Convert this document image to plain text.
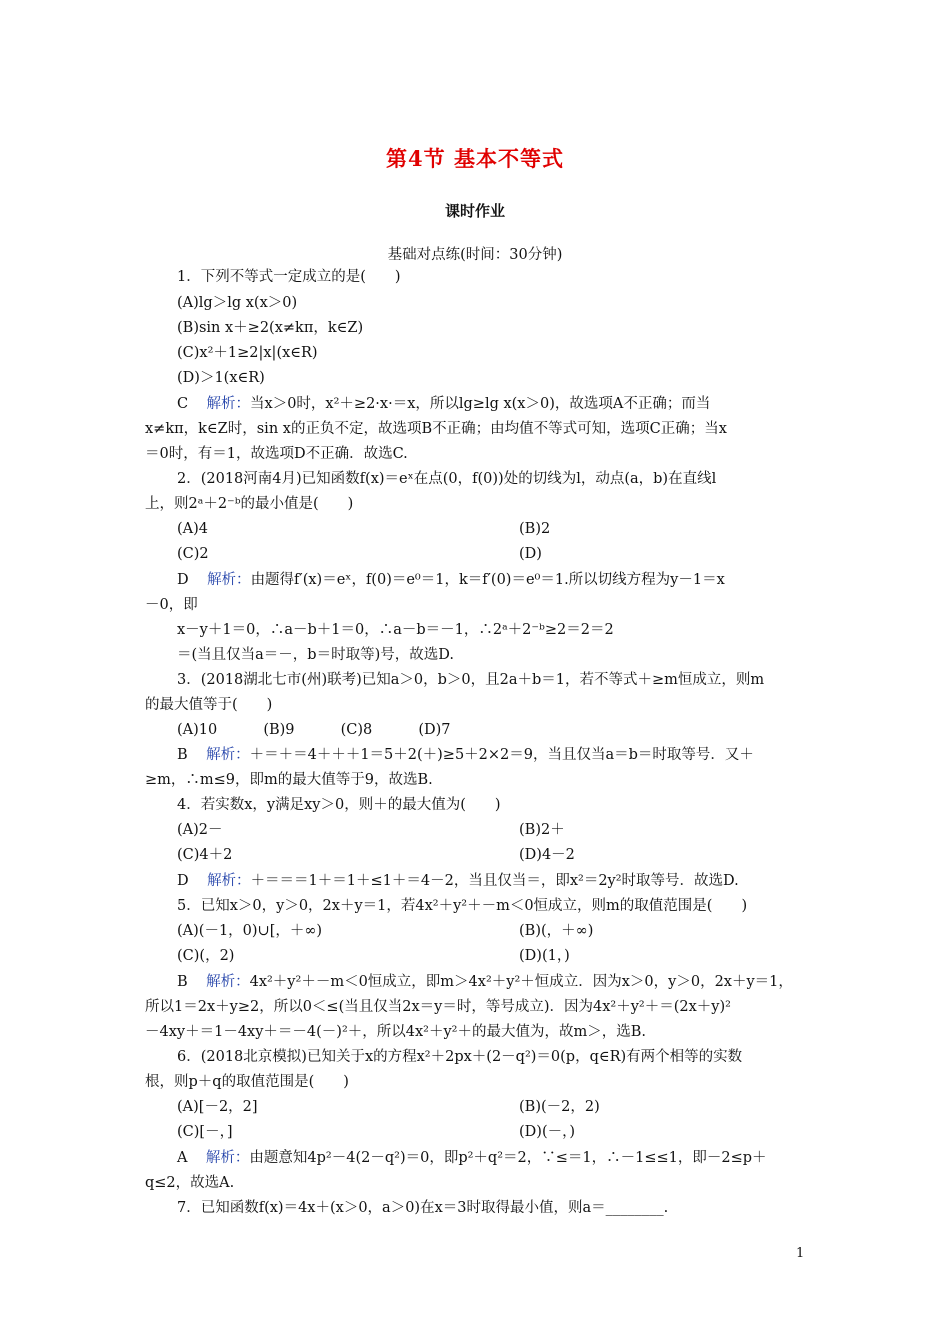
第4节 基本不等式
课时作业
基础对点练(时间：30分钟)
1．下列不等式一定成立的是(　　)
(A)lg＞lg x(x＞0)
(B)sin x＋≥2(x≠kπ，k∈Z)
(C)x²＋1≥2|x|(x∈R)
(D)＞1(x∈R)
C    解析：当x＞0时，x²＋≥2·x·＝x，所以lg≥lg x(x＞0)，故选项A不正确；而当
x≠kπ，k∈Z时，sin x的正负不定，故选项B不正确；由均值不等式可知，选项C正确；当x
＝0时，有＝1，故选项D不正确．故选C.
2．(2018河南4月)已知函数f(x)＝eˣ在点(0，f(0))处的切线为l，动点(a，b)在直线l
上，则2ᵃ＋2⁻ᵇ的最小值是(　　)
(A)4	(B)2
(C)2	(D)
D    解析：由题得f′(x)＝eˣ，f(0)＝e⁰＝1，k＝f′(0)＝e⁰＝1.所以切线方程为y－1＝x
－0，即
x－y＋1＝0，∴a－b＋1＝0，∴a－b＝－1，∴2ᵃ＋2⁻ᵇ≥2＝2＝2
＝(当且仅当a＝－，b＝时取等)号，故选D.
3．(2018湖北七市(州)联考)已知a＞0，b＞0，且2a＋b＝1，若不等式＋≥m恒成立，则m
的最大值等于(　　)
(A)10          (B)9          (C)8          (D)7
B    解析：＋＝＋＝4＋＋＋1＝5＋2(＋)≥5＋2×2＝9，当且仅当a＝b＝时取等号．又＋
≥m，∴m≤9，即m的最大值等于9，故选B.
4．若实数x，y满足xy＞0，则＋的最大值为(　　)
(A)2－	(B)2＋
(C)4＋2	(D)4－2
D    解析：＋＝＝＝1＋＝1＋≤1＋＝4－2，当且仅当＝，即x²＝2y²时取等号．故选D.
5．已知x＞0，y＞0，2x＋y＝1，若4x²＋y²＋－m＜0恒成立，则m的取值范围是(　　)
(A)(－1，0)∪[，＋∞)	(B)(，＋∞)
(C)(，2)	(D)(1，)
B    解析：4x²＋y²＋－m＜0恒成立，即m＞4x²＋y²＋恒成立．因为x＞0，y＞0，2x＋y＝1，
所以1＝2x＋y≥2，所以0＜≤(当且仅当2x＝y＝时，等号成立)．因为4x²＋y²＋＝(2x＋y)²
－4xy＋＝1－4xy＋＝－4(－)²＋，所以4x²＋y²＋的最大值为，故m＞，选B.
6．(2018北京模拟)已知关于x的方程x²＋2px＋(2－q²)＝0(p，q∈R)有两个相等的实数
根，则p＋q的取值范围是(　　)
(A)[－2，2]	(B)(－2，2)
(C)[－，]	(D)(－，)
A    解析：由题意知4p²－4(2－q²)＝0，即p²＋q²＝2，∵≤＝1，∴－1≤≤1，即－2≤p＋
q≤2，故选A.
7．已知函数f(x)＝4x＋(x＞0，a＞0)在x＝3时取得最小值，则a＝________.
1
